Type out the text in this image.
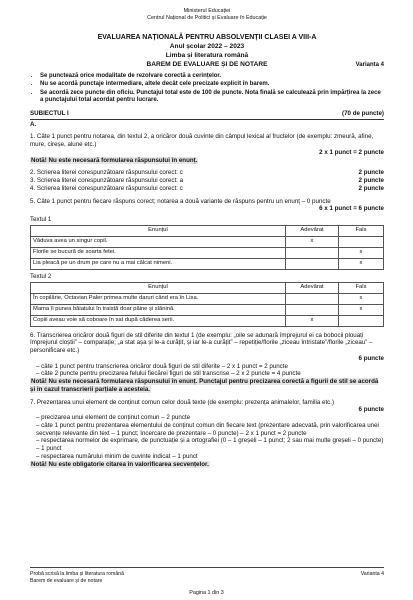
Ministerul Educației
Centrul Național de Politici și Evaluare în Educație
EVALUAREA NAȚIONALĂ PENTRU ABSOLVENȚII CLASEI A VIII-A
Anul școlar 2022 – 2023
Limba și literatura română
BAREM DE EVALUARE ȘI DE NOTARE	Varianta 4
• Se punctează orice modalitate de rezolvare corectă a cerințelor.
• Nu se acordă punctaje intermediare, altele decât cele precizate explicit în barem.
• Se acordă zece puncte din oficiu. Punctajul total este de 100 de puncte. Nota finală se calculează prin împărțirea la zece a punctajului total acordat pentru lucrare.
SUBIECTUL I	(70 de puncte)
A.
1. Câte 1 punct pentru notarea, din textul 2, a oricăror două cuvinte din câmpul lexical al fructelor (de exemplu: zmeură, afine, mure, cireșe, alune etc.)
2 x 1 punct = 2 puncte
Notă! Nu este necesară formularea răspunsului în enunț.
2. Scrierea literei corespunzătoare răspunsului corect: c	2 puncte
3. Scrierea literei corespunzătoare răspunsului corect: a	2 puncte
4. Scrierea literei corespunzătoare răspunsului corect: c	2 puncte
5. Câte 1 punct pentru fiecare răspuns corect; notarea a două variante de răspuns pentru un enunț – 0 puncte
6 x 1 punct = 6 puncte
Textul 1
Enunțul	Adevărat	Fals
Văduva avea un singur copil.	x	
Florile se bucură de soarta fetei.		x
Lia pleacă pe un drum pe care nu a mai călcat nimeni.		x
Textul 2
Enunțul	Adevărat	Fals
În copilărie, Octavian Paler primea multe daruri când era în Lisa.		x
Mama îi punea băiatului în traistă doar pâine și slănină.		x
Copiii aveau voie să coboare în sat după căderea serii.	x	
6. Transcrierea oricăror două figuri de stil diferite din textul 1 (de exemplu: „oile se adunară împrejurul ei ca bobocii plouați împrejurul cloștii” – comparație; „a stat așa și le-a curățit, și iar le-a curățit” – repetiție/florile „ziceau întristate”/florile „ziceau” – personificare etc.)
6 puncte
– câte 1 punct pentru transcrierea oricăror două figuri de stil diferite – 2 x 1 punct = 2 puncte
– câte 2 puncte pentru precizarea felului fiecărei figuri de stil transcrise – 2 x 2 puncte = 4 puncte
Notă! Nu este necesară formularea răspunsului în enunț. Punctajul pentru precizarea corectă a figurii de stil se acordă și în cazul transcrierii parțiale a acesteia.
7. Prezentarea unui element de conținut comun celor două texte (de exemplu: prezența animalelor, familia etc.)
6 puncte
– precizarea unui element de conținut comun – 2 puncte
– câte 1 punct pentru prezentarea elementului de conținut comun din fiecare text (prezentare adecvată, prin valorificarea unei secvențe relevante din text – 1 punct; încercare de prezentare – 0 puncte) – 2 x 1 punct = 2 puncte
– respectarea normelor de exprimare, de punctuație și a ortografiei (0 – 1 greșeli – 1 punct; 2 sau mai multe greșeli – 0 puncte) – 1 punct
– respectarea numărului minim de cuvinte indicat – 1 punct
Notă! Nu este obligatorie citarea în valorificarea secvențelor.
Probă scrisă la limba și literatura română	Varianta 4
Barem de evaluare și de notare
Pagina 1 din 3
